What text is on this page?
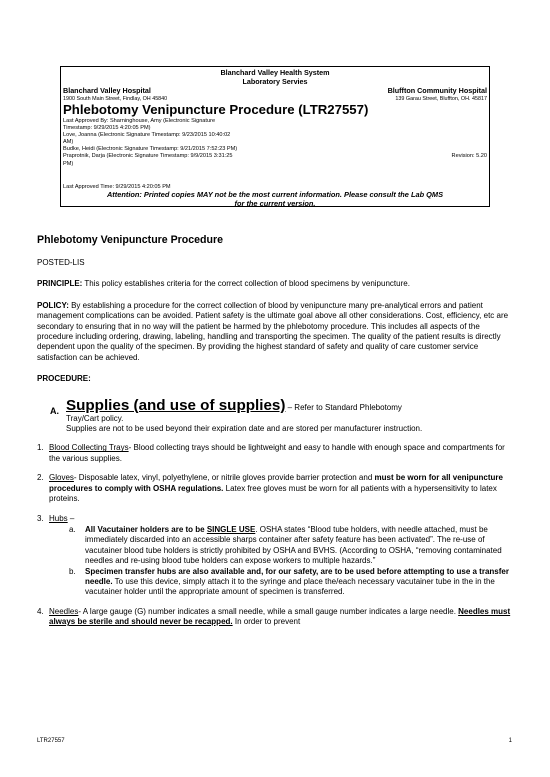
Blanchard Valley Health System
Laboratory Servies
Blanchard Valley Hospital	Bluffton Community Hospital
1900 South Main Street, Findlay, OH 45840	139 Garau Street, Bluffton, OH. 45817
Phlebotomy Venipuncture Procedure (LTR27557)
Last Approved By: Sharninghouse, Amy (Electronic Signature
Timestamp: 9/29/2015 4:20:05 PM)
Love, Joanna (Electronic Signature Timestamp: 9/23/2015 10:40:02
AM)
Budke, Heidi (Electronic Signature Timestamp: 9/21/2015 7:52:23 PM)
Praprotnik, Darja (Electronic Signature Timestamp: 9/9/2015 3:31:25
PM)
Revision: 5.20
Last Approved Time: 9/29/2015 4:20:05 PM
Attention: Printed copies MAY not be the most current information. Please consult the Lab QMS
for the current version.
Phlebotomy Venipuncture Procedure
POSTED-LIS
PRINCIPLE: This policy establishes criteria for the correct collection of blood specimens by venipuncture.
POLICY: By establishing a procedure for the correct collection of blood by venipuncture many pre-analytical errors and patient management complications can be avoided. Patient safety is the ultimate goal above all other considerations. Cost, efficiency, etc are secondary to ensuring that in no way will the patient be harmed by the phlebotomy procedure. This includes all aspects of the procedure including ordering, drawing, labeling, handling and transporting the specimen. The quality of the patient results is directly dependent upon the quality of the specimen. By providing the highest standard of safety and quality of care customer service satisfaction can be achieved.
PROCEDURE:
A. Supplies (and use of supplies) – Refer to Standard Phlebotomy
Tray/Cart policy.
Supplies are not to be used beyond their expiration date and are stored per manufacturer instruction.
1. Blood Collecting Trays- Blood collecting trays should be lightweight and easy to handle with enough space and compartments for the various supplies.
2. Gloves- Disposable latex, vinyl, polyethylene, or nitrile gloves provide barrier protection and must be worn for all venipuncture procedures to comply with OSHA regulations. Latex free gloves must be worn for all patients with a hypersensitivity to latex proteins.
3. Hubs –
a. All Vacutainer holders are to be SINGLE USE. OSHA states “Blood tube holders, with needle attached, must be immediately discarded into an accessible sharps container after safety feature has been activated”. The re-use of vacutainer blood tube holders is strictly prohibited by OSHA and BVHS. (According to OSHA, “removing contaminated needles and re-using blood tube holders can expose workers to multiple hazards.”
b. Specimen transfer hubs are also available and, for our safety, are to be used before attempting to use a transfer needle. To use this device, simply attach it to the syringe and place the/each necessary vacutainer tube in the in the vacutainer holder until the appropriate amount of specimen is transferred.
4. Needles- A large gauge (G) number indicates a small needle, while a small gauge number indicates a large needle. Needles must always be sterile and should never be recapped. In order to prevent
LTR27557	1
